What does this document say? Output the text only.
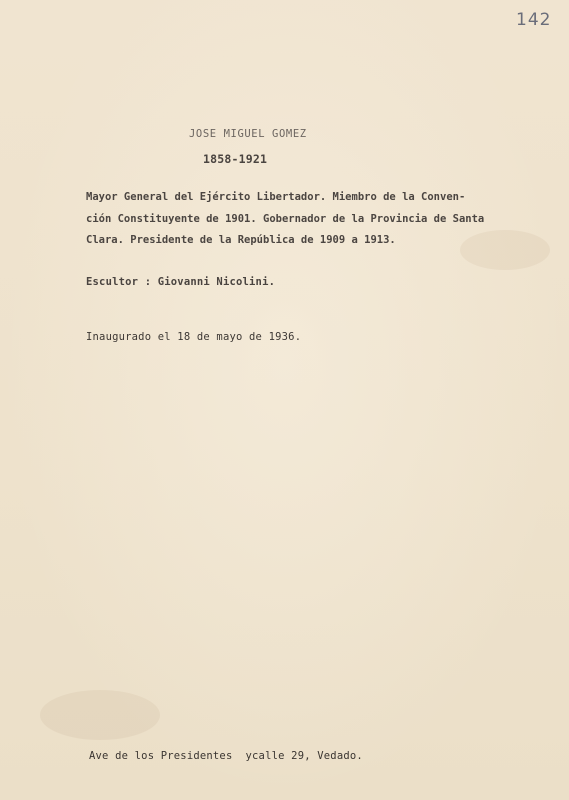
​
142
JOSE MIGUEL GOMEZ
1858-1921
Mayor General del Ejército Libertador. Miembro de la Conven-
ción Constituyente de 1901. Gobernador de la Provincia de Santa
Clara. Presidente de la República de 1909 a 1913.
Escultor : Giovanni Nicolini.
Inaugurado el 18 de mayo de 1936.
Ave de los Presidentes  ycalle 29, Vedado.
